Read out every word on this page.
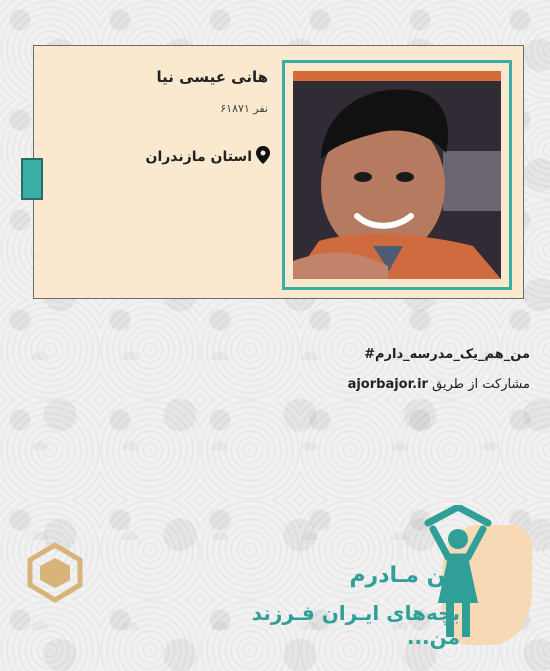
هانی عیسی نیا
نفر ۶۱۸۷۱
استان مازندران
#من_هم_یک_مدرسه_دارم
مشارکت از طریق ajorbajor.ir
من مـادرم
بچه‌های ایـران فـرزند من...
